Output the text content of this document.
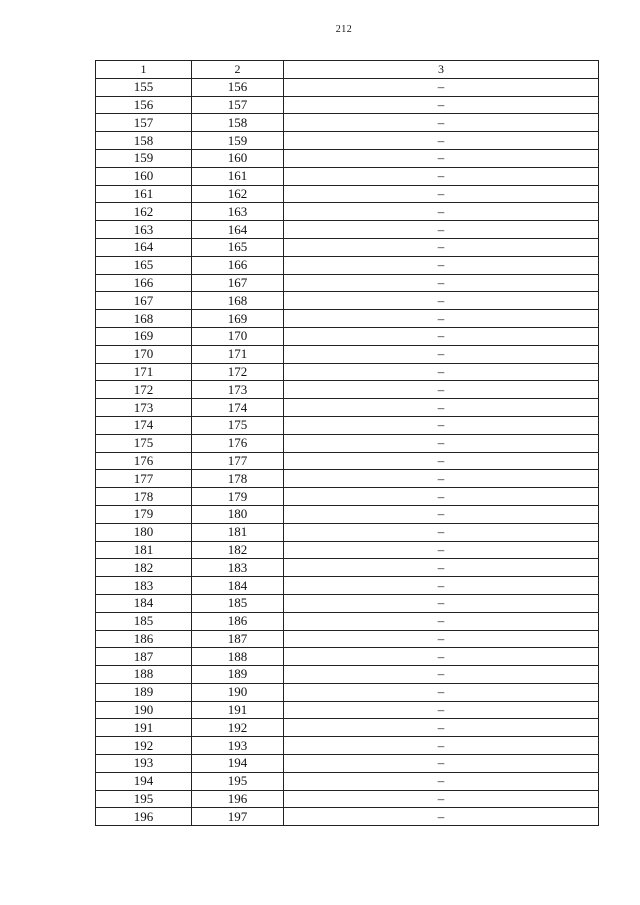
212
1	2	3
155	156	–
156	157	–
157	158	–
158	159	–
159	160	–
160	161	–
161	162	–
162	163	–
163	164	–
164	165	–
165	166	–
166	167	–
167	168	–
168	169	–
169	170	–
170	171	–
171	172	–
172	173	–
173	174	–
174	175	–
175	176	–
176	177	–
177	178	–
178	179	–
179	180	–
180	181	–
181	182	–
182	183	–
183	184	–
184	185	–
185	186	–
186	187	–
187	188	–
188	189	–
189	190	–
190	191	–
191	192	–
192	193	–
193	194	–
194	195	–
195	196	–
196	197	–
